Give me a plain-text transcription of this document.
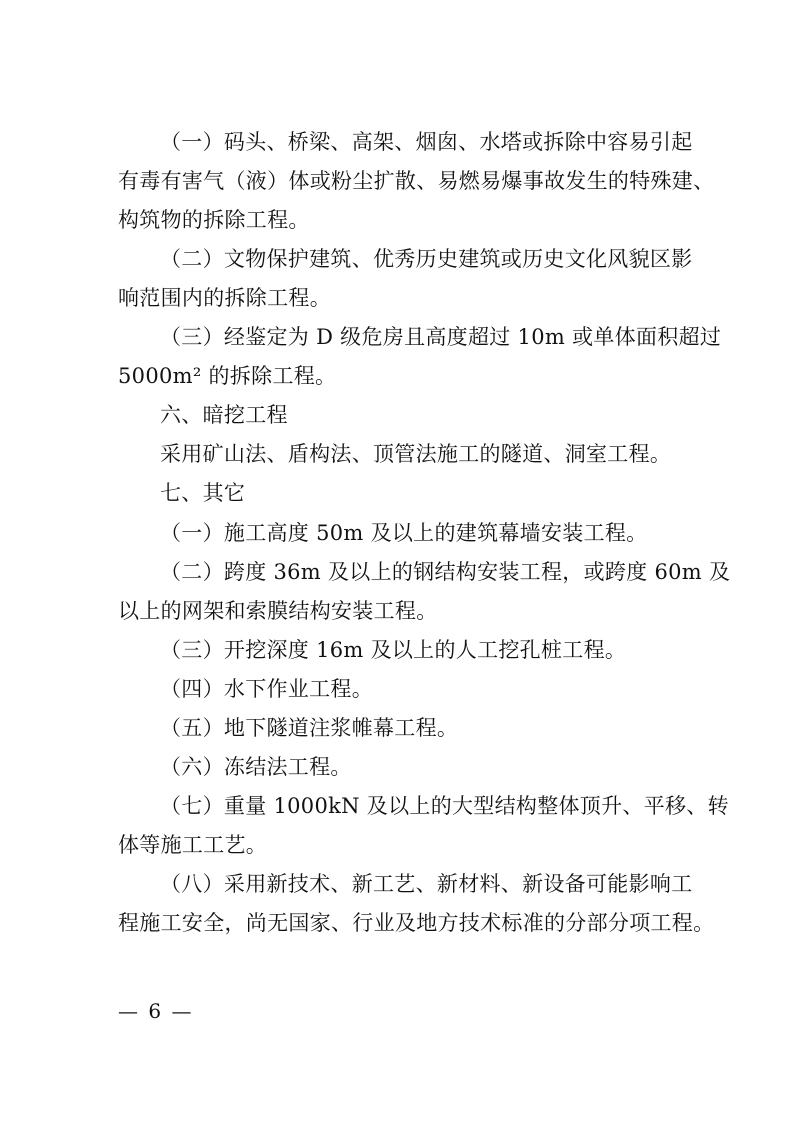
（一）码头、桥梁、高架、烟囱、水塔或拆除中容易引起
有毒有害气（液）体或粉尘扩散、易燃易爆事故发生的特殊建、
构筑物的拆除工程。
（二）文物保护建筑、优秀历史建筑或历史文化风貌区影
响范围内的拆除工程。
（三）经鉴定为 D 级危房且高度超过 10m 或单体面积超过
5000m² 的拆除工程。
六、暗挖工程
采用矿山法、盾构法、顶管法施工的隧道、洞室工程。
七、其它
（一）施工高度 50m 及以上的建筑幕墙安装工程。
（二）跨度 36m 及以上的钢结构安装工程，或跨度 60m 及
以上的网架和索膜结构安装工程。
（三）开挖深度 16m 及以上的人工挖孔桩工程。
（四）水下作业工程。
（五）地下隧道注浆帷幕工程。
（六）冻结法工程。
（七）重量 1000kN 及以上的大型结构整体顶升、平移、转
体等施工工艺。
（八）采用新技术、新工艺、新材料、新设备可能影响工
程施工安全，尚无国家、行业及地方技术标准的分部分项工程。
— 6 —
